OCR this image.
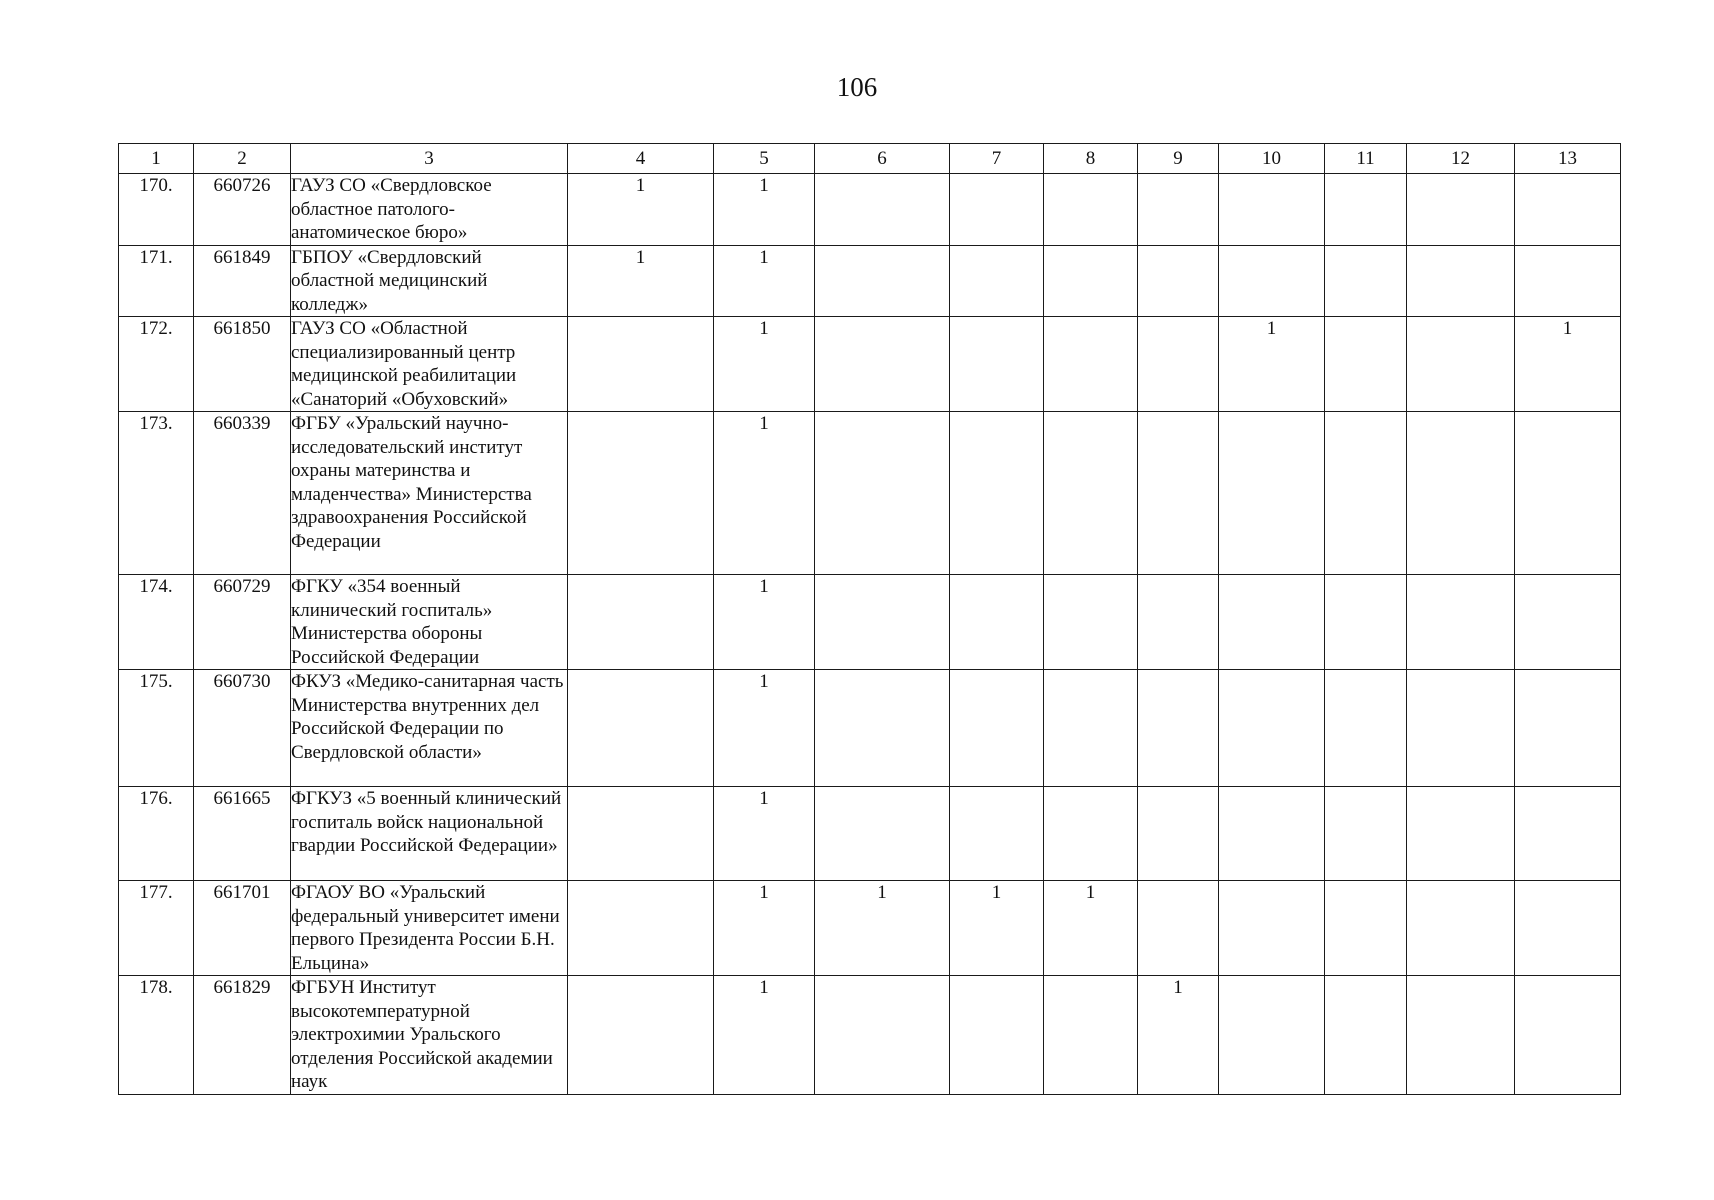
106
1	2	3	4	5	6	7	8	9	10	11	12	13
170.	660726	ГАУЗ СО «Свердловское областное патолого-анатомическое бюро»	1	1								
171.	661849	ГБПОУ «Свердловский областной медицинский колледж»	1	1								
172.	661850	ГАУЗ СО «Областной специализированный центр медицинской реабилитации «Санаторий «Обуховский»		1					1			1
173.	660339	ФГБУ «Уральский научно-исследовательский институт охраны материнства и младенчества» Министерства здравоохранения Российской Федерации		1								
174.	660729	ФГКУ «354 военный клинический госпиталь» Министерства обороны Российской Федерации		1								
175.	660730	ФКУЗ «Медико-санитарная часть Министерства внутренних дел Российской Федерации по Свердловской области»		1								
176.	661665	ФГКУЗ «5 военный клинический госпиталь войск национальной гвардии Российской Федерации»		1								
177.	661701	ФГАОУ ВО «Уральский федеральный университет имени первого Президента России Б.Н. Ельцина»		1	1	1	1					
178.	661829	ФГБУН Институт высокотемпературной электрохимии Уральского отделения Российской академии наук		1				1				
